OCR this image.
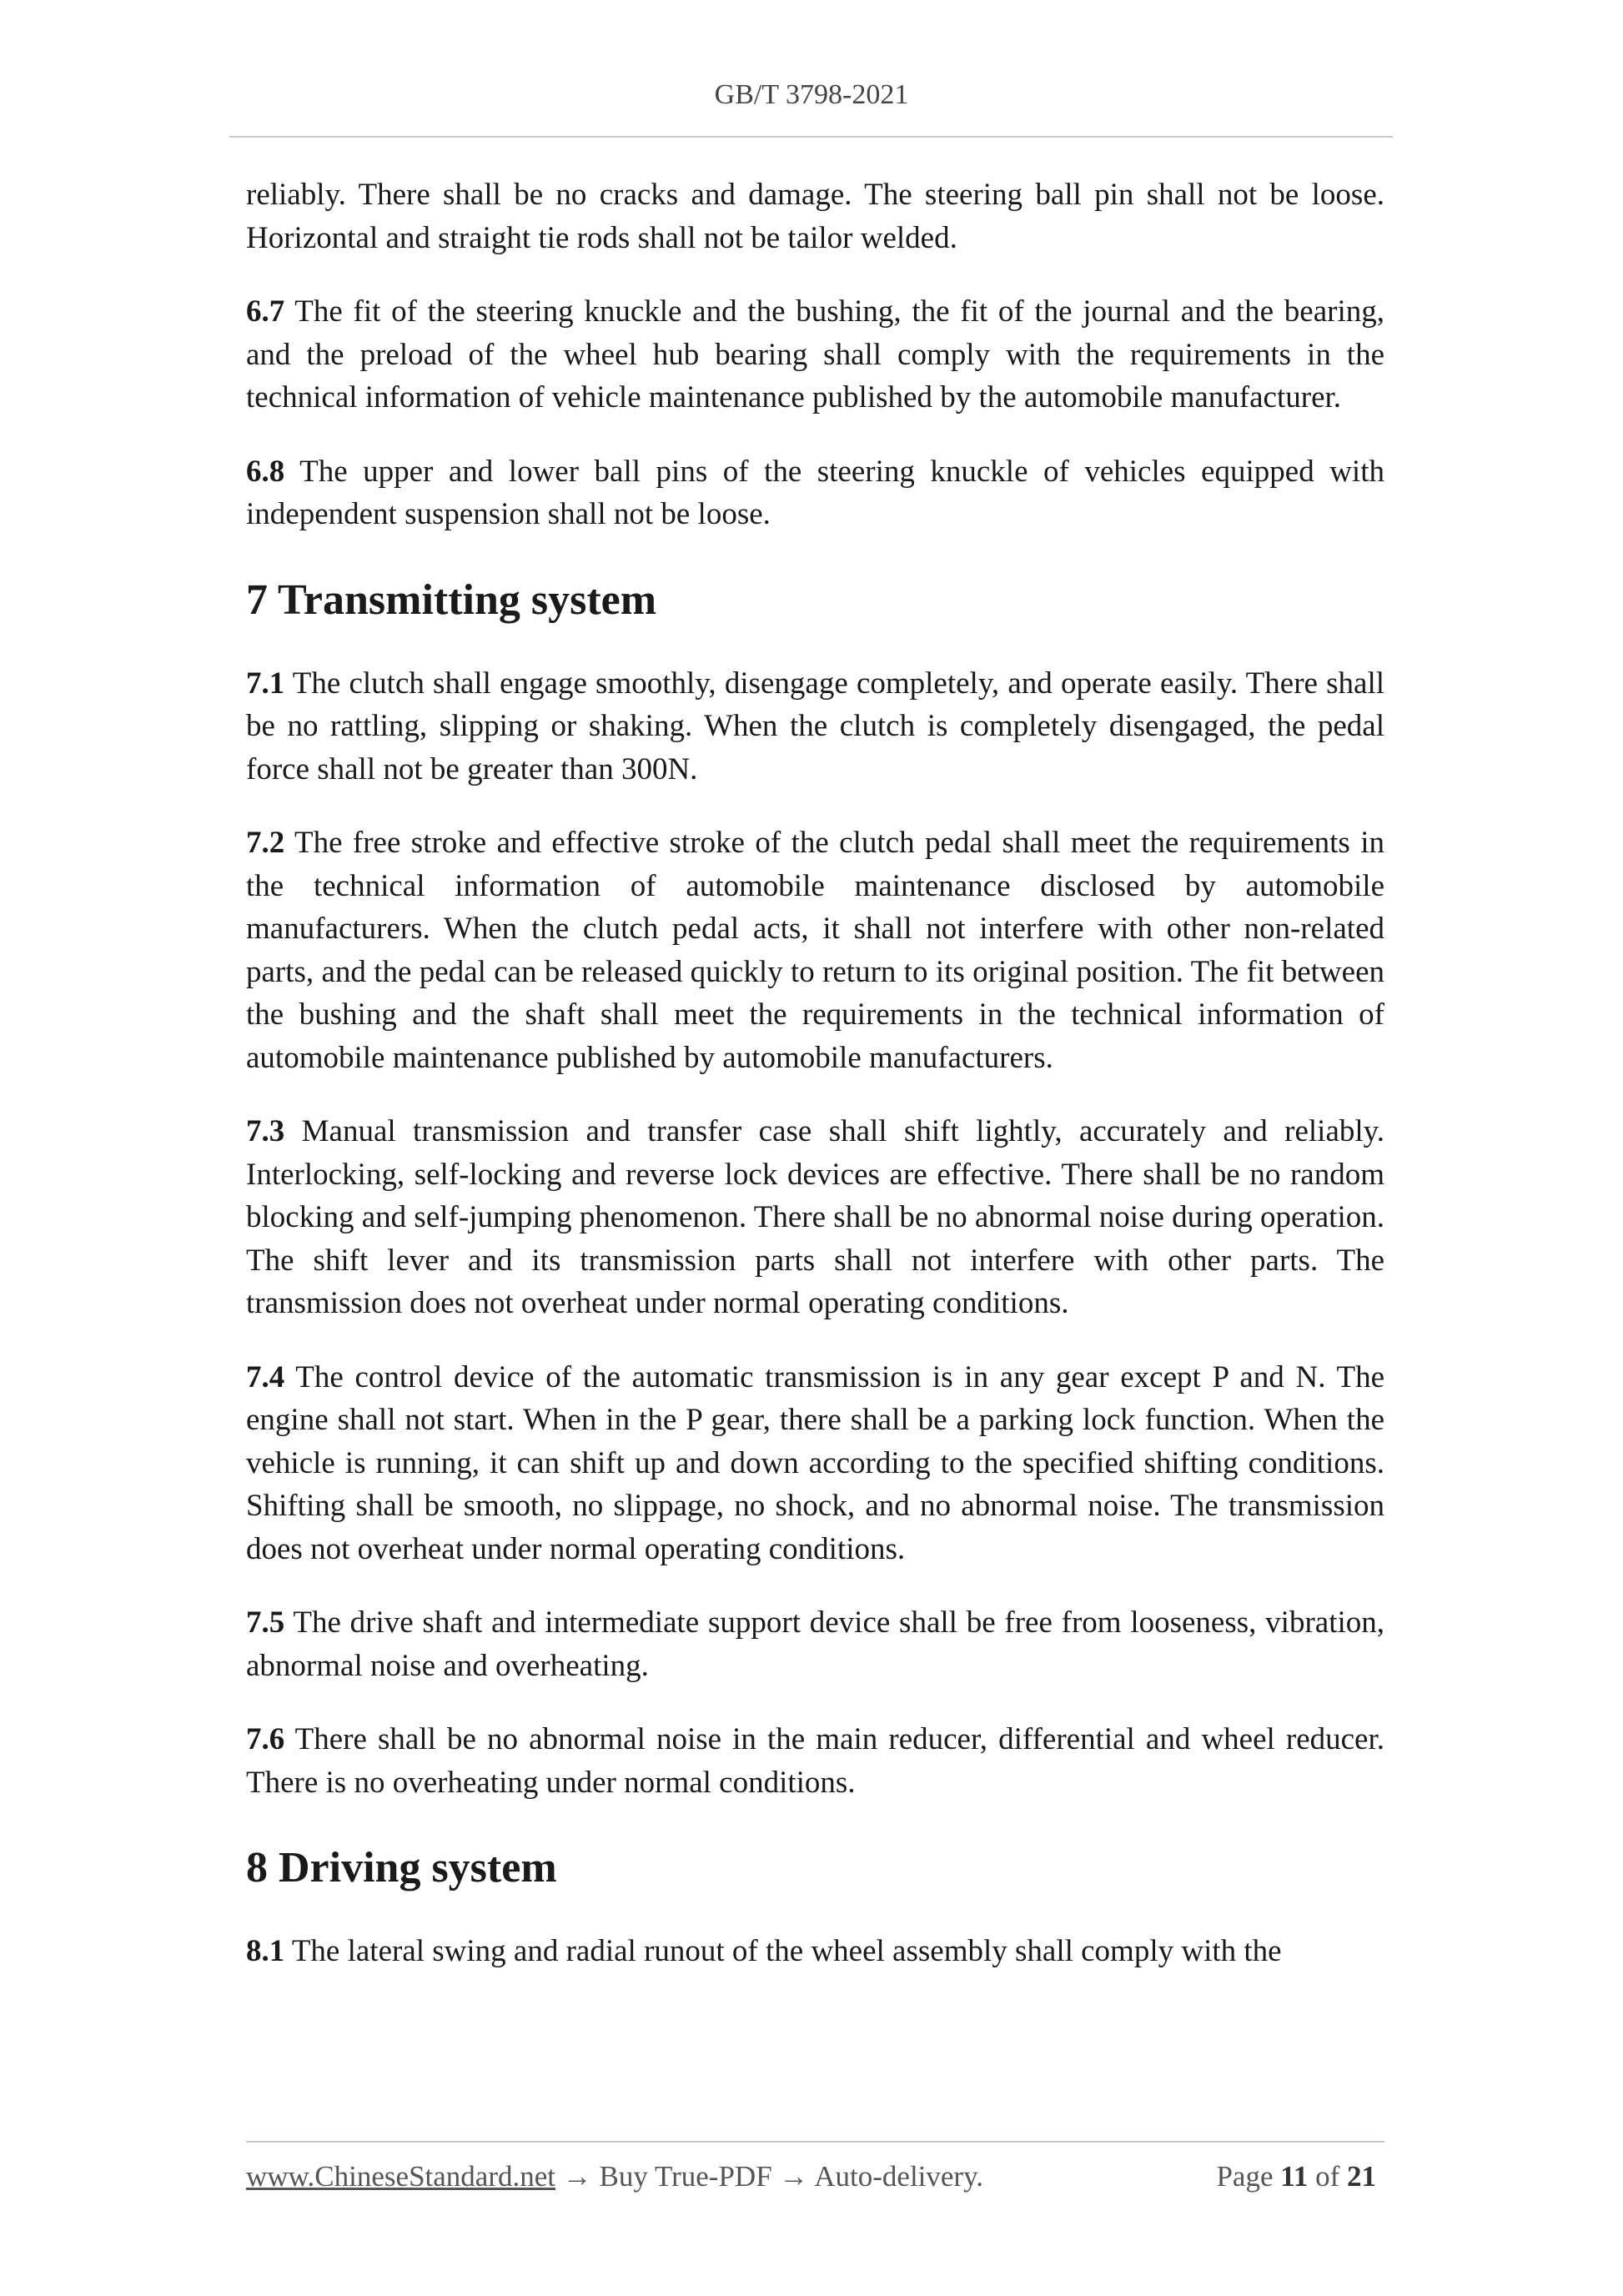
GB/T 3798-2021

reliably. There shall be no cracks and damage. The steering ball pin shall not be loose. Horizontal and straight tie rods shall not be tailor welded.

6.7 The fit of the steering knuckle and the bushing, the fit of the journal and the bearing, and the preload of the wheel hub bearing shall comply with the requirements in the technical information of vehicle maintenance published by the automobile manufacturer.

6.8 The upper and lower ball pins of the steering knuckle of vehicles equipped with independent suspension shall not be loose.

7 Transmitting system

7.1 The clutch shall engage smoothly, disengage completely, and operate easily. There shall be no rattling, slipping or shaking. When the clutch is completely disengaged, the pedal force shall not be greater than 300N.

7.2 The free stroke and effective stroke of the clutch pedal shall meet the requirements in the technical information of automobile maintenance disclosed by automobile manufacturers. When the clutch pedal acts, it shall not interfere with other non-related parts, and the pedal can be released quickly to return to its original position. The fit between the bushing and the shaft shall meet the requirements in the technical information of automobile maintenance published by automobile manufacturers.

7.3 Manual transmission and transfer case shall shift lightly, accurately and reliably. Interlocking, self-locking and reverse lock devices are effective. There shall be no random blocking and self-jumping phenomenon. There shall be no abnormal noise during operation. The shift lever and its transmission parts shall not interfere with other parts. The transmission does not overheat under normal operating conditions.

7.4 The control device of the automatic transmission is in any gear except P and N. The engine shall not start. When in the P gear, there shall be a parking lock function. When the vehicle is running, it can shift up and down according to the specified shifting conditions. Shifting shall be smooth, no slippage, no shock, and no abnormal noise. The transmission does not overheat under normal operating conditions.

7.5 The drive shaft and intermediate support device shall be free from looseness, vibration, abnormal noise and overheating.

7.6 There shall be no abnormal noise in the main reducer, differential and wheel reducer. There is no overheating under normal conditions.

8 Driving system

8.1 The lateral swing and radial runout of the wheel assembly shall comply with the

www.ChineseStandard.net → Buy True-PDF → Auto-delivery.	Page 11 of 21
